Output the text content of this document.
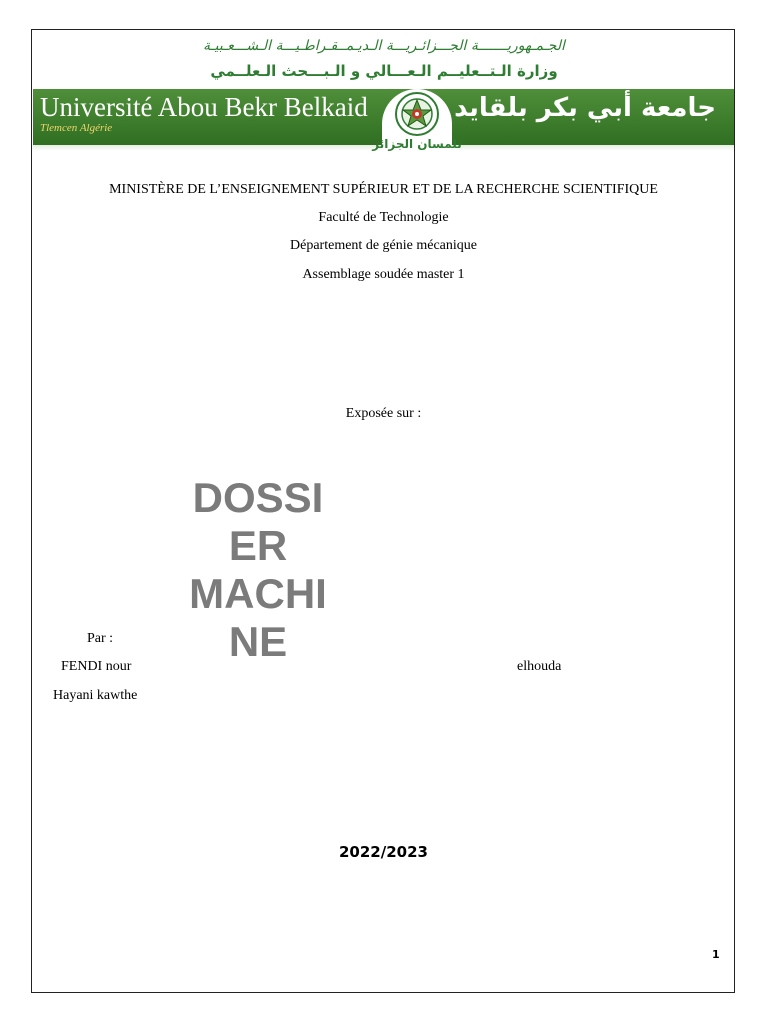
الجـمـهوريـــــــة الجـــزائـريـــة الـديـمــقـراطـيـــة الـشـــعـبيـة
وزارة الـتــعليــم الـعـــالي و الـبـــحث الـعلــمي
Université Abou Bekr Belkaid
Tlemcen Algérie
جامعة أبي بكر بلقايد
تلمسان الجزائر
MINISTÈRE DE L’ENSEIGNEMENT SUPÉRIEUR ET DE LA RECHERCHE SCIENTIFIQUE
Faculté de Technologie
Département de génie mécanique
Assemblage soudée master 1
Exposée sur :
DOSSI
ER
MACHI
NE
Par :
FENDI nour	elhouda
Hayani kawthe
2022/2023
1
